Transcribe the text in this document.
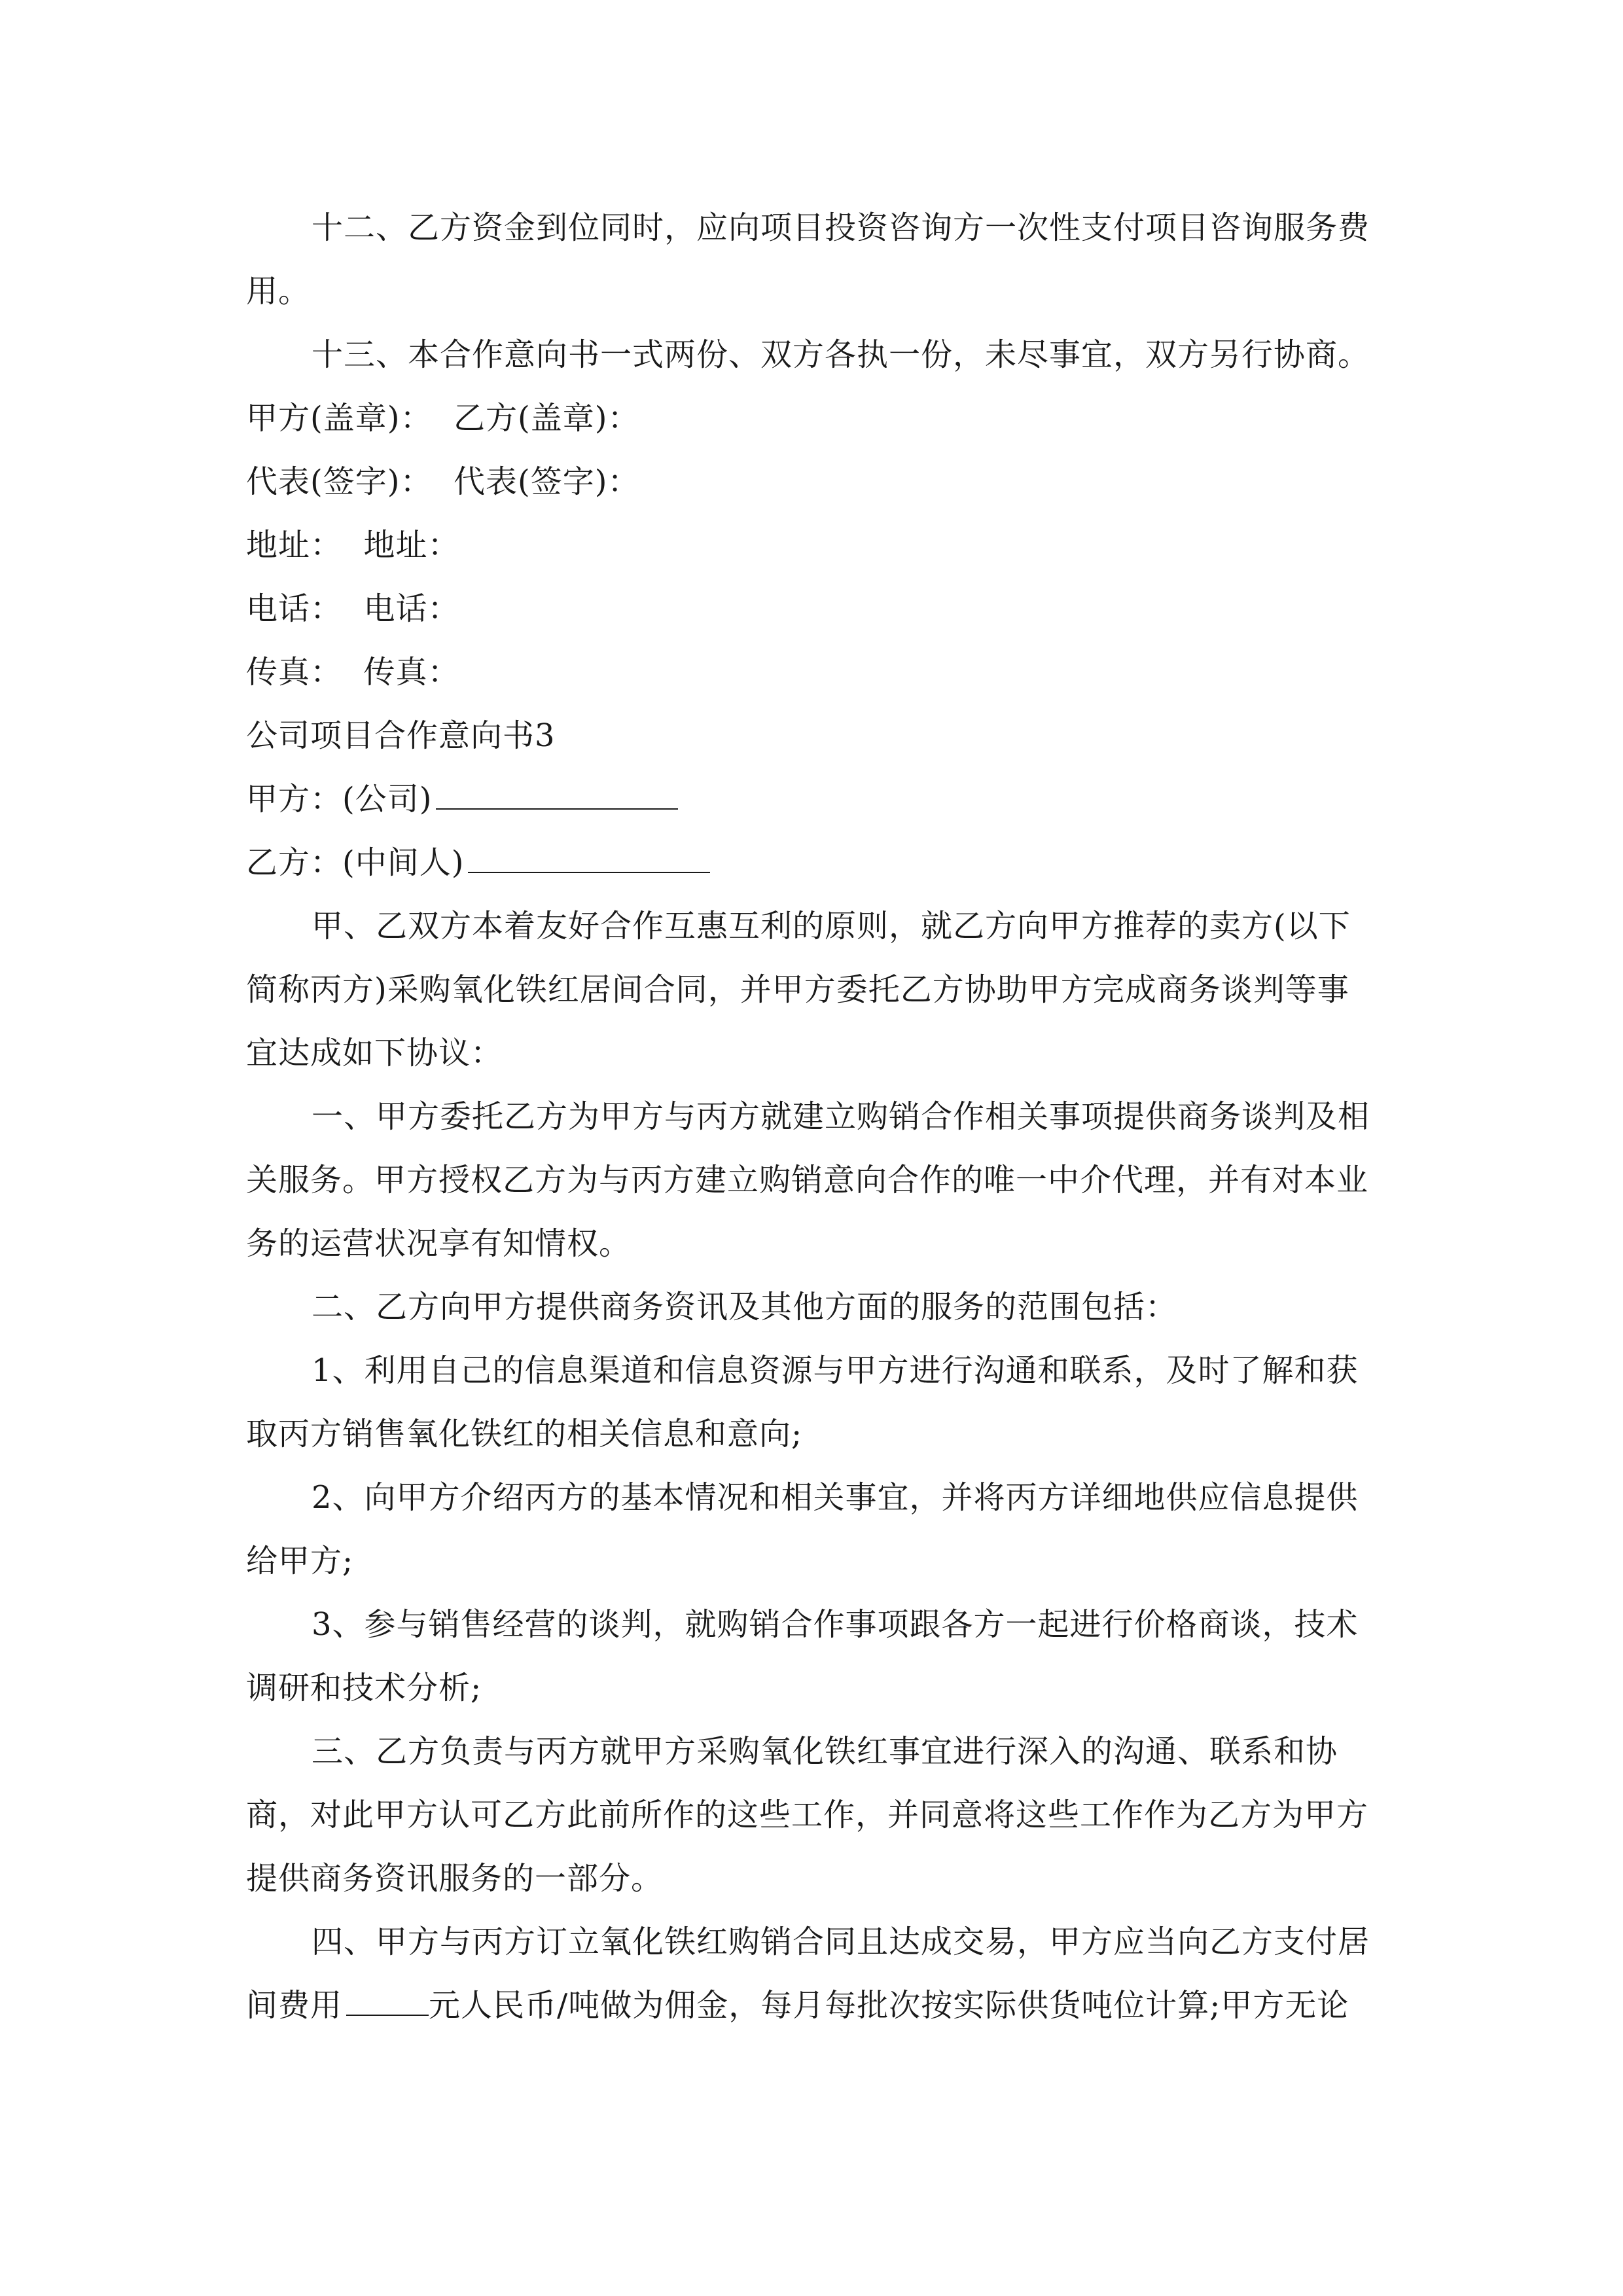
十二、乙方资金到位同时，应向项目投资咨询方一次性支付项目咨询服务费用。

十三、本合作意向书一式两份、双方各执一份，未尽事宜，双方另行协商。

甲方(盖章)： 乙方(盖章)：

代表(签字)： 代表(签字)：

地址： 地址：

电话： 电话：

传真： 传真：

公司项目合作意向书3

甲方：(公司)

乙方：(中间人)

甲、乙双方本着友好合作互惠互利的原则，就乙方向甲方推荐的卖方(以下简称丙方)采购氧化铁红居间合同，并甲方委托乙方协助甲方完成商务谈判等事宜达成如下协议：

一、甲方委托乙方为甲方与丙方就建立购销合作相关事项提供商务谈判及相关服务。甲方授权乙方为与丙方建立购销意向合作的唯一中介代理，并有对本业务的运营状况享有知情权。

二、乙方向甲方提供商务资讯及其他方面的服务的范围包括：

1、利用自己的信息渠道和信息资源与甲方进行沟通和联系，及时了解和获取丙方销售氧化铁红的相关信息和意向;

2、向甲方介绍丙方的基本情况和相关事宜，并将丙方详细地供应信息提供给甲方;

3、参与销售经营的谈判，就购销合作事项跟各方一起进行价格商谈，技术调研和技术分析;

三、乙方负责与丙方就甲方采购氧化铁红事宜进行深入的沟通、联系和协商，对此甲方认可乙方此前所作的这些工作，并同意将这些工作作为乙方为甲方提供商务资讯服务的一部分。

四、甲方与丙方订立氧化铁红购销合同且达成交易，甲方应当向乙方支付居间费用	元人民币/吨做为佣金，每月每批次按实际供货吨位计算;甲方无论
